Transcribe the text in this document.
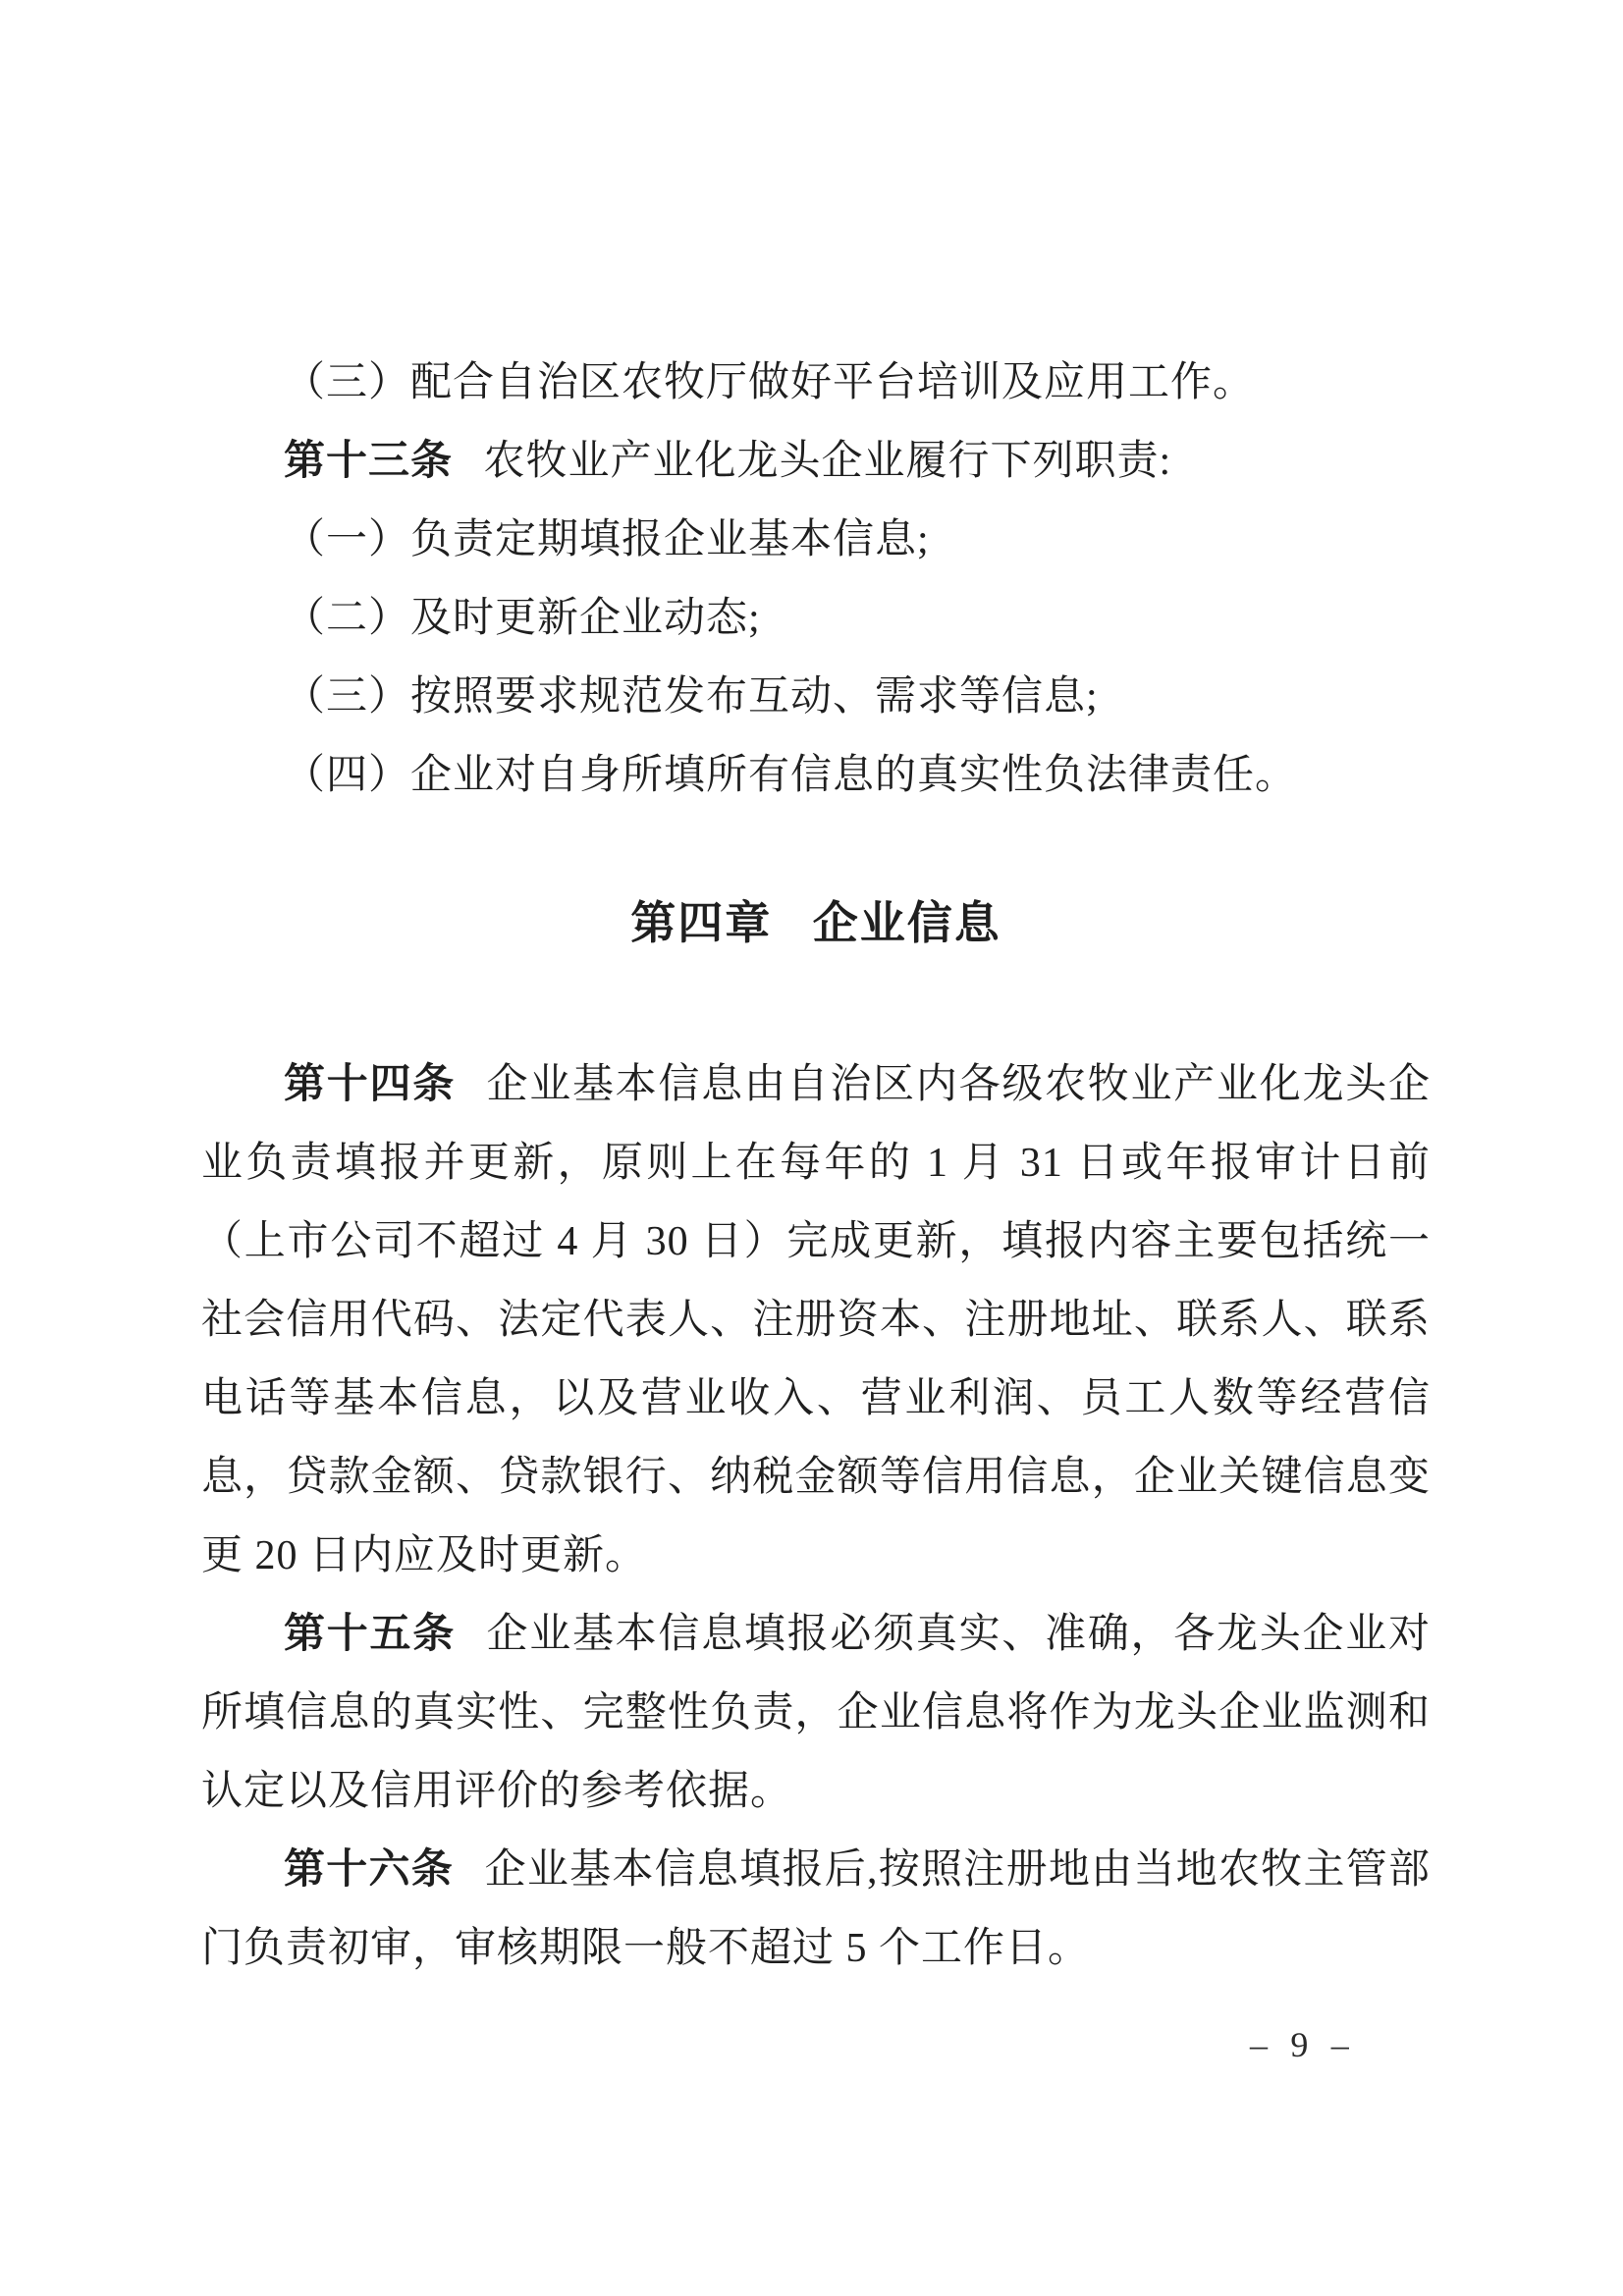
（三）配合自治区农牧厅做好平台培训及应用工作。

第十三条 农牧业产业化龙头企业履行下列职责:

（一）负责定期填报企业基本信息;

（二）及时更新企业动态;

（三）按照要求规范发布互动、需求等信息;

（四）企业对自身所填所有信息的真实性负法律责任。

第四章 企业信息

第十四条 企业基本信息由自治区内各级农牧业产业化龙头企业负责填报并更新，原则上在每年的 1 月 31 日或年报审计日前（上市公司不超过 4 月 30 日）完成更新，填报内容主要包括统一社会信用代码、法定代表人、注册资本、注册地址、联系人、联系电话等基本信息，以及营业收入、营业利润、员工人数等经营信息，贷款金额、贷款银行、纳税金额等信用信息，企业关键信息变更 20 日内应及时更新。

第十五条 企业基本信息填报必须真实、准确，各龙头企业对所填信息的真实性、完整性负责，企业信息将作为龙头企业监测和认定以及信用评价的参考依据。

第十六条 企业基本信息填报后,按照注册地由当地农牧主管部门负责初审，审核期限一般不超过 5 个工作日。

– 9 –
